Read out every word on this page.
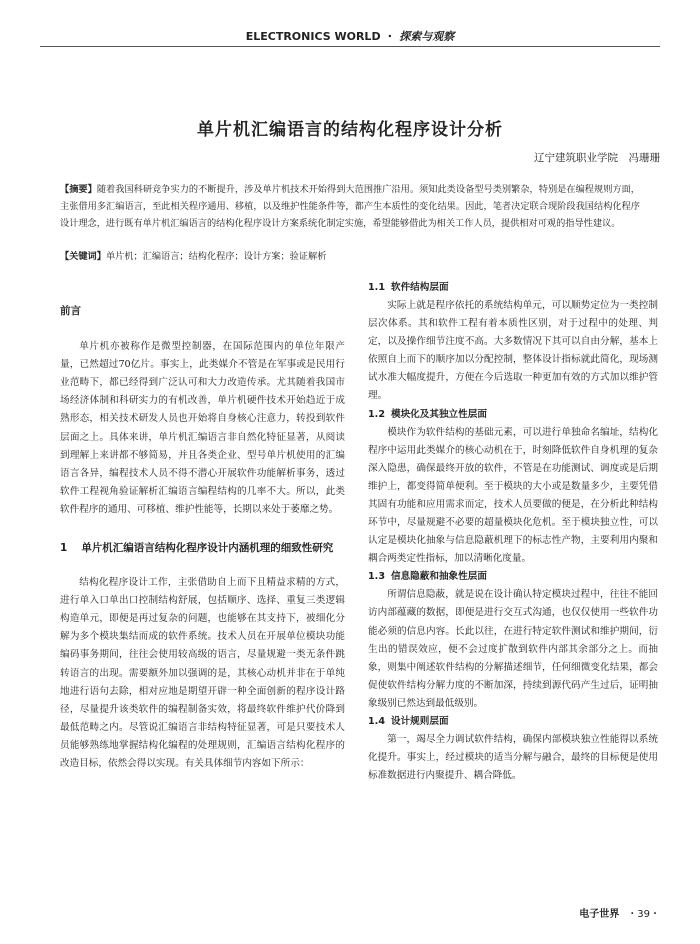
ELECTRONICS WORLD ・ 探索与观察
单片机汇编语言的结构化程序设计分析
辽宁建筑职业学院　冯珊珊
【摘要】随着我国科研竞争实力的不断提升，涉及单片机技术开始得到大范围推广沿用。须知此类设备型号类别繁杂，特别是在编程规则方面，主张借用多汇编语言，至此相关程序通用、移植，以及维护性能条件等，都产生本质性的变化结果。因此，笔者决定联合现阶段我国结构化程序设计理念，进行既有单片机汇编语言的结构化程序设计方案系统化制定实施，希望能够借此为相关工作人员，提供相对可观的指导性建议。
【关键词】单片机；汇编语言；结构化程序；设计方案；验证解析
前言

单片机亦被称作是微型控制器，在国际范围内的单位年限产量，已然超过70亿片。事实上，此类媒介不管是在军事或是民用行业范畴下，都已经得到广泛认可和大力改造传承。尤其随着我国市场经济体制和科研实力的有机改善，单片机硬件技术开始趋近于成熟形态，相关技术研发人员也开始将自身核心注意力，转投到软件层面之上。具体来讲，单片机汇编语言非自然化特征显著，从阅读到理解上来讲都不够简易，并且各类企业、型号单片机使用的汇编语言各异，编程技术人员不得不潜心开展软件功能解析事务，透过软件工程视角验证解析汇编语言编程结构的几率不大。所以，此类软件程序的通用、可移植、维护性能等，长期以来处于萎靡之势。

1 单片机汇编语言结构化程序设计内涵机理的细致性研究

结构化程序设计工作，主张借助自上而下且精益求精的方式，进行单入口单出口控制结构舒展，包括顺序、选择、重复三类逻辑构造单元，即便是再过复杂的问题，也能够在其支持下，被细化分解为多个模块集结而成的软件系统。技术人员在开展单位模块功能编码事务期间，往往会使用较高级的语言，尽量规避一类无条件跳转语言的出现。需要额外加以强调的是，其核心动机并非在于单纯地进行语句去除，相对应地是期望开辟一种全面创新的程序设计路径，尽量提升该类软件的编程制备实效，将最终软件维护代价降到最低范畴之内。尽管说汇编语言非结构特征显著，可是只要技术人员能够熟练地掌握结构化编程的处理规则，汇编语言结构化程序的改造目标，依然会得以实现。有关具体细节内容如下所示：

1.1 软件结构层面

实际上就是程序依托的系统结构单元，可以顺势定位为一类控制层次体系。其和软件工程有着本质性区别，对于过程中的处理、判定，以及操作细节注度不高。大多数情况下其可以自由分解，基本上依照自上而下的顺序加以分配控制，整体设计指标就此简化，现场测试水准大幅度提升，方便在今后选取一种更加有效的方式加以维护管理。

1.2 模块化及其独立性层面

模块作为软件结构的基础元素，可以进行单独命名编址，结构化程序中运用此类媒介的核心动机在于，时刻降低软件自身机理的复杂深入隐患，确保最终开放的软件，不管是在功能测试、调度或是后期维护上，都变得简单便利。至于模块的大小或是数量多少，主要凭借其固有功能和应用需求而定，技术人员要做的便是，在分析此种结构环节中，尽量规避不必要的超量模块化危机。至于模块独立性，可以认定是模块化抽象与信息隐蔽机理下的标志性产物，主要利用内聚和耦合两类定性指标，加以清晰化度量。

1.3 信息隐蔽和抽象性层面

所谓信息隐蔽，就是说在设计确认特定模块过程中，往往不能回访内部蕴藏的数据，即便是进行交互式沟通，也仅仅使用一些软件功能必须的信息内容。长此以往，在进行特定软件测试和维护期间，衍生出的错误效应，便不会过度扩散到软件内部其余部分之上。而抽象，则集中阐述软件结构的分解描述细节，任何细微变化结果，都会促使软件结构分解力度的不断加深，持续到源代码产生过后，证明抽象级别已然达到最低级别。

1.4 设计规则层面

第一，竭尽全力调试软件结构，确保内部模块独立性能得以系统化提升。事实上，经过模块的适当分解与融合，最终的目标便是使用标准数据进行内聚提升、耦合降低。

电子世界 ・39・
